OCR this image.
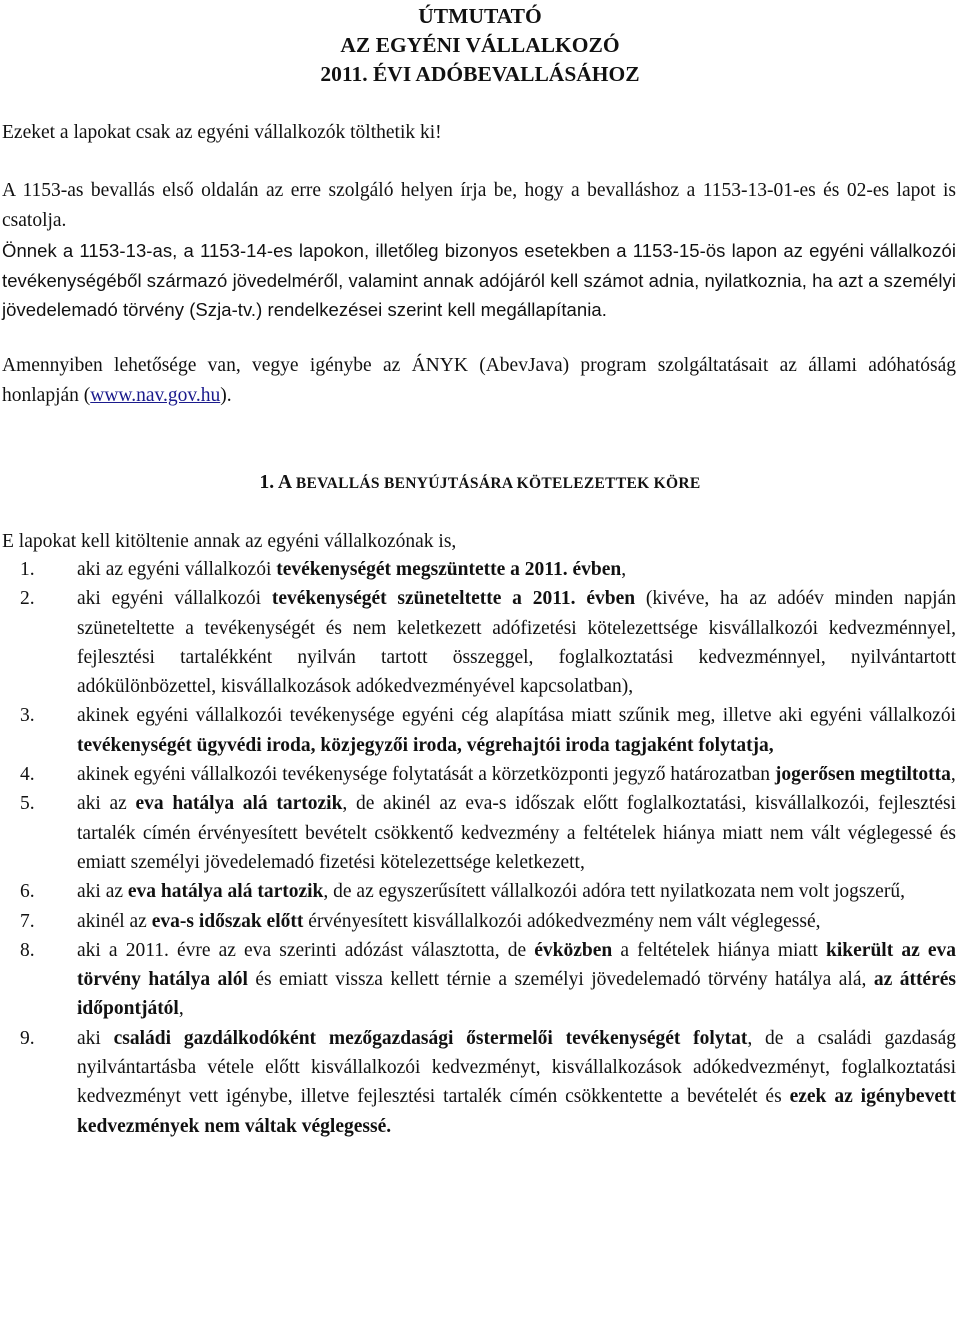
ÚTMUTATÓ
AZ EGYÉNI VÁLLALKOZÓ
2011. ÉVI ADÓBEVALLÁSÁHOZ
Ezeket a lapokat csak az egyéni vállalkozók tölthetik ki!
A 1153-as bevallás első oldalán az erre szolgáló helyen írja be, hogy a bevalláshoz a 1153-13-01-es és 02-es lapot is csatolja.
Önnek a 1153-13-as, a 1153-14-es lapokon, illetőleg bizonyos esetekben a 1153-15-ös lapon az egyéni vállalkozói tevékenységéből származó jövedelméről, valamint annak adójáról kell számot adnia, nyilatkoznia, ha azt a személyi jövedelemadó törvény (Szja-tv.) rendelkezései szerint kell megállapítania.
Amennyiben lehetősége van, vegye igénybe az ÁNYK (AbevJava) program szolgáltatásait az állami adóhatóság honlapján (www.nav.gov.hu).
1. A BEVALLÁS BENYÚJTÁSÁRA KÖTELEZETTEK KÖRE
E lapokat kell kitöltenie annak az egyéni vállalkozónak is,
1. aki az egyéni vállalkozói tevékenységét megszüntette a 2011. évben,
2. aki egyéni vállalkozói tevékenységét szüneteltette a 2011. évben (kivéve, ha az adóév minden napján szüneteltette a tevékenységét és nem keletkezett adófizetési kötelezettsége kisvállalkozói kedvezménnyel, fejlesztési tartalékként nyilván tartott összeggel, foglalkoztatási kedvezménnyel, nyilvántartott adókülönbözettel, kisvállalkozások adókedvezményével kapcsolatban),
3. akinek egyéni vállalkozói tevékenysége egyéni cég alapítása miatt szűnik meg, illetve aki egyéni vállalkozói tevékenységét ügyvédi iroda, közjegyzői iroda, végrehajtói iroda tagjaként folytatja,
4. akinek egyéni vállalkozói tevékenysége folytatását a körzetközponti jegyző határozatban jogerősen megtiltotta,
5. aki az eva hatálya alá tartozik, de akinél az eva-s időszak előtt foglalkoztatási, kisvállalkozói, fejlesztési tartalék címén érvényesített bevételt csökkentő kedvezmény a feltételek hiánya miatt nem vált véglegessé és emiatt személyi jövedelemadó fizetési kötelezettsége keletkezett,
6. aki az eva hatálya alá tartozik, de az egyszerűsített vállalkozói adóra tett nyilatkozata nem volt jogszerű,
7. akinél az eva-s időszak előtt érvényesített kisvállalkozói adókedvezmény nem vált véglegessé,
8. aki a 2011. évre az eva szerinti adózást választotta, de évközben a feltételek hiánya miatt kikerült az eva törvény hatálya alól és emiatt vissza kellett térnie a személyi jövedelemadó törvény hatálya alá, az áttérés időpontjától,
9. aki családi gazdálkodóként mezőgazdasági őstermelői tevékenységét folytat, de a családi gazdaság nyilvántartásba vétele előtt kisvállalkozói kedvezményt, kisvállalkozások adókedvezményt, foglalkoztatási kedvezményt vett igénybe, illetve fejlesztési tartalék címén csökkentette a bevételét és ezek az igénybevett kedvezmények nem váltak véglegessé.
